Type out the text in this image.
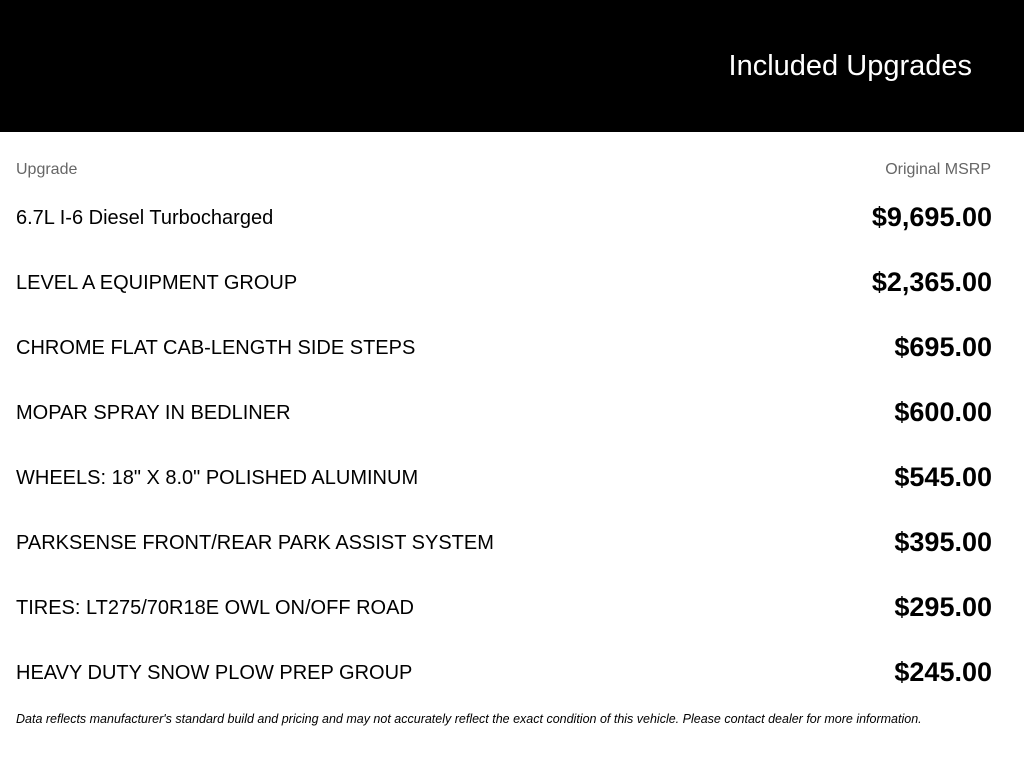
Included Upgrades
Upgrade	Original MSRP
6.7L I-6 Diesel Turbocharged	$9,695.00
LEVEL A EQUIPMENT GROUP	$2,365.00
CHROME FLAT CAB-LENGTH SIDE STEPS	$695.00
MOPAR SPRAY IN BEDLINER	$600.00
WHEELS: 18" X 8.0" POLISHED ALUMINUM	$545.00
PARKSENSE FRONT/REAR PARK ASSIST SYSTEM	$395.00
TIRES: LT275/70R18E OWL ON/OFF ROAD	$295.00
HEAVY DUTY SNOW PLOW PREP GROUP	$245.00
Data reflects manufacturer's standard build and pricing and may not accurately reflect the exact condition of this vehicle. Please contact dealer for more information.
